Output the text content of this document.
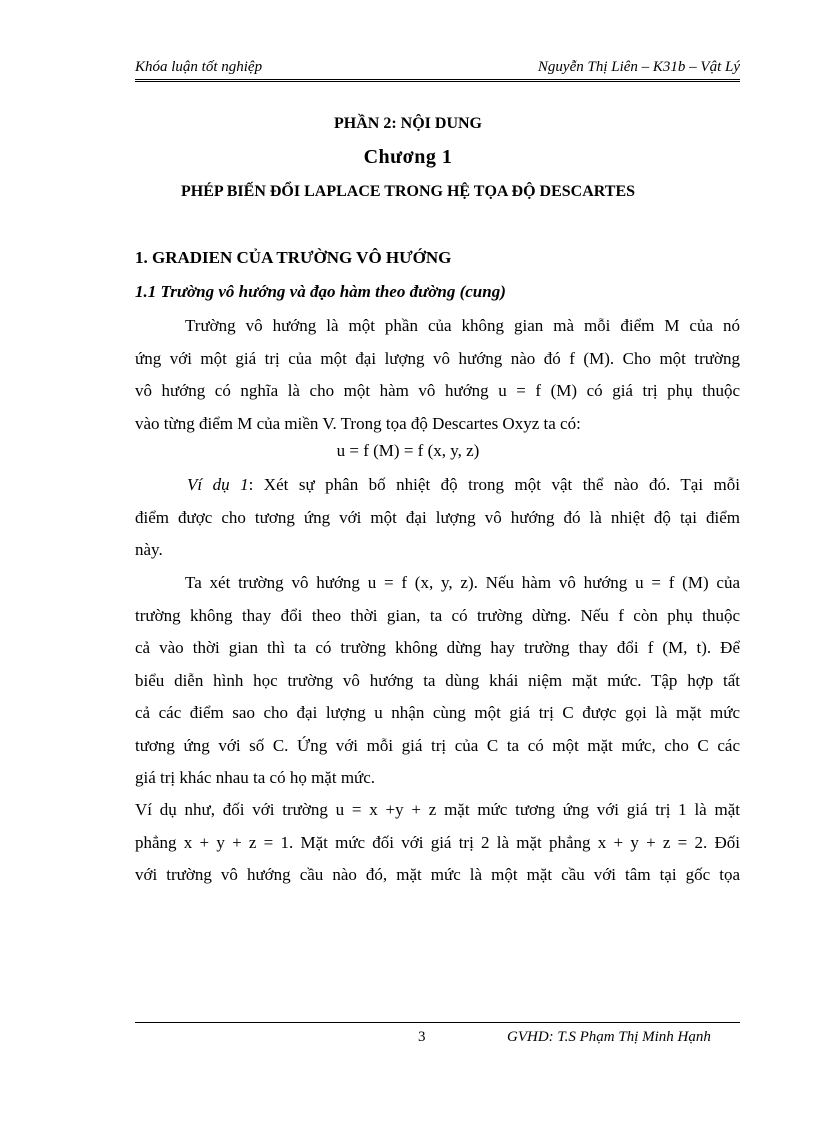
Khóa luận tốt nghiệp	Nguyễn Thị Liên – K31b – Vật Lý
PHẦN 2: NỘI DUNG
Chương 1
PHÉP BIẾN ĐỔI LAPLACE TRONG HỆ TỌA ĐỘ DESCARTES
1. GRADIEN CỦA TRƯỜNG VÔ HƯỚNG
1.1 Trường vô hướng và đạo hàm theo đường (cung)
Trường vô hướng là một phần của không gian mà mỗi điểm M của nó
ứng với một giá trị của một đại lượng vô hướng nào đó f (M). Cho một trường
vô hướng có nghĩa là cho một hàm vô hướng u = f (M) có giá trị phụ thuộc
vào từng điểm M của miền V. Trong tọa độ Descartes Oxyz ta có:
u = f (M) = f (x, y, z)
Ví dụ 1: Xét sự phân bố nhiệt độ trong một vật thể nào đó. Tại mỗi
điểm được cho tương ứng với một đại lượng vô hướng đó là nhiệt độ tại điểm
này.
Ta xét trường vô hướng u = f (x, y, z). Nếu hàm vô hướng u = f (M) của
trường không thay đổi theo thời gian, ta có trường dừng. Nếu f còn phụ thuộc
cả vào thời gian thì ta có trường không dừng hay trường thay đổi f (M, t). Để
biểu diễn hình học trường vô hướng ta dùng khái niệm mặt mức. Tập hợp tất
cả các điểm sao cho đại lượng u nhận cùng một giá trị C được gọi là mặt mức
tương ứng với số C. Ứng với mỗi giá trị của C ta có một mặt mức, cho C các
giá trị khác nhau ta có họ mặt mức.
Ví dụ như, đối với trường u = x +y + z mặt mức tương ứng với giá trị 1 là mặt
phẳng x + y + z = 1. Mặt mức đối với giá trị 2 là mặt phẳng x + y + z = 2. Đối
với trường vô hướng cầu nào đó, mặt mức là một mặt cầu với tâm tại gốc tọa
3	GVHD: T.S Phạm Thị Minh Hạnh
